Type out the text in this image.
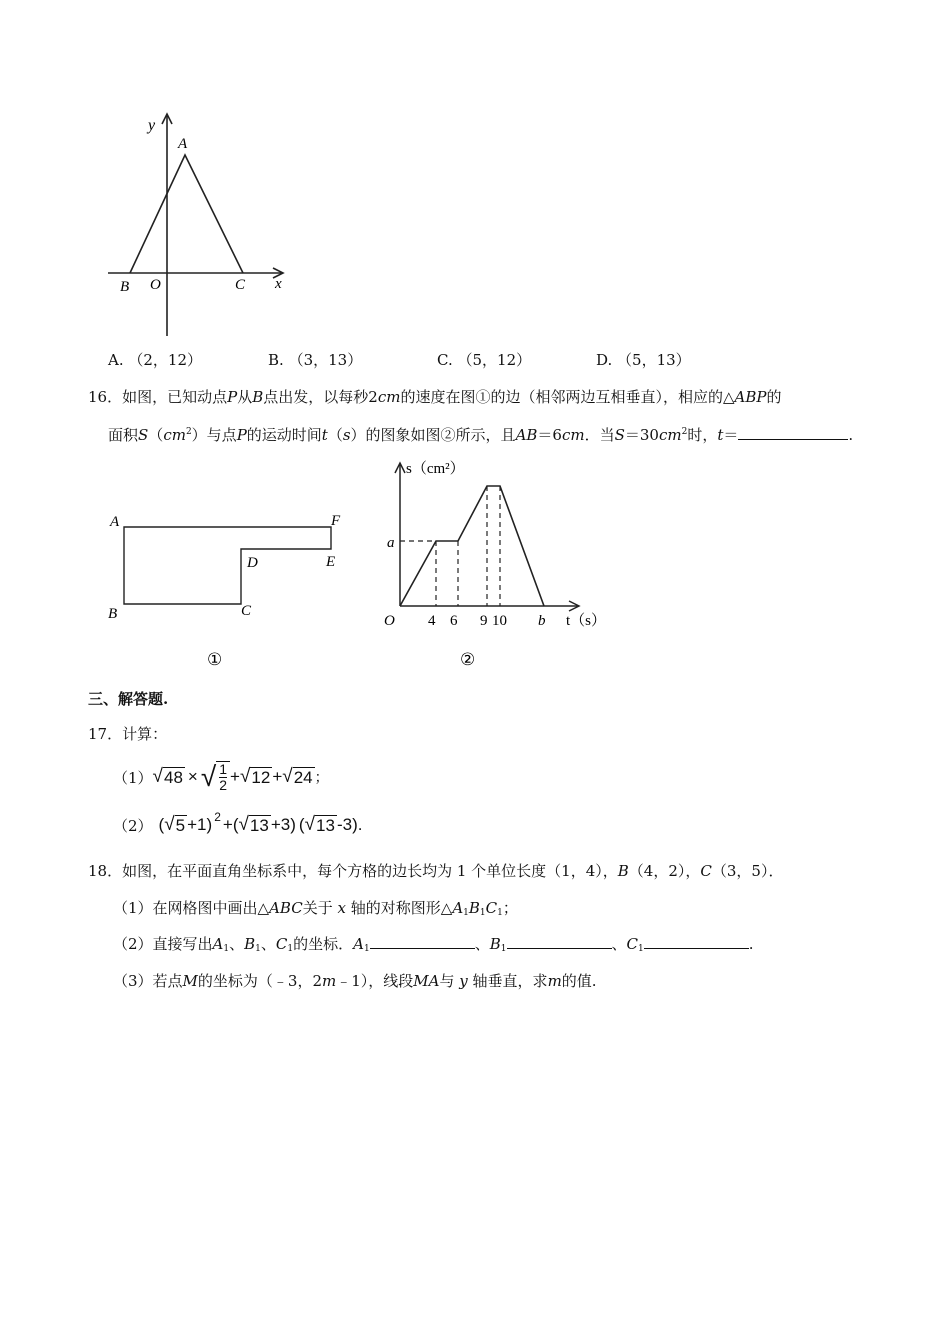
y
A
B O	C x
A. （2，12）	B. （3，13）	C. （5，12）	D. （5，13）
16．如图，已知动点P从B点出发，以每秒2cm的速度在图①的边（相邻两边互相垂直），相应的△ABP的
面积$S(cm^2)$与点P的运动时间t（s）的图象如图②所示，且AB＝6cm．当$S=30cm^2$时，t＝	.
A	F
D	E
B	C
①
s（cm²）
a
O 4 6 9 10 b t（s）
②
三、解答题.
17．计算：
（1） √ 48 × √ 1
2 + √ 12 + √ 24 ；
（2） ( √ 5 +1 ) 2 + ( √ 13 +3 ) ( √ 13 -3 ) .
18．如图，在平面直角坐标系中，每个方格的边长均为 1 个单位长度（1，4），B（4，2），C（3，5）．
（1）在网格图中画出△ABC关于 x 轴的对称图形$\triangle A_1B_1C_1$；
（2）直接写出$A_1$、$B_1$、$C_1$的坐标．$A_1$	、$B_1$	、$C_1$	.
（3）若点M的坐标为（﹣3，2m﹣1），线段MA与 y 轴垂直，求m的值.
